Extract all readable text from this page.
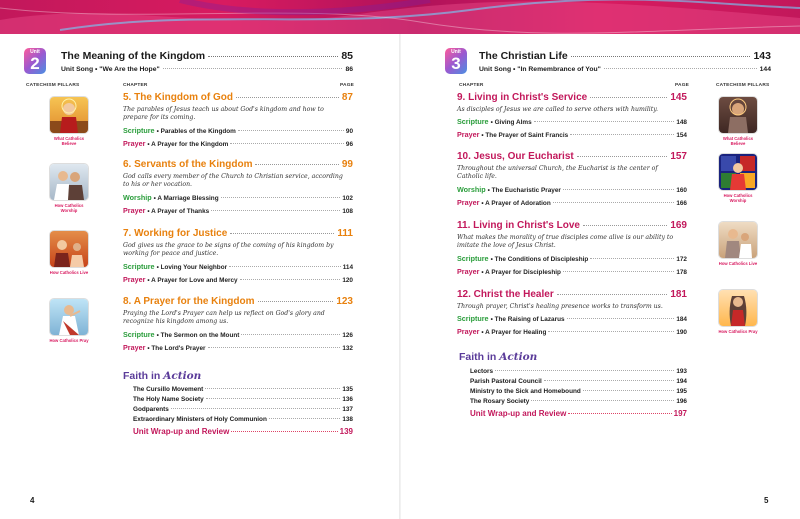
Unit
2	The Meaning of the Kingdom	85
Unit Song • "We Are the Hope"	86
CATECHISM PILLARS	CHAPTER	PAGE
What Catholics Believe
How Catholics Worship
How Catholics Live
How Catholics Pray
5. The Kingdom of God	87
The parables of Jesus teach us about God's kingdom and how to prepare for its coming.
Scripture • Parables of the Kingdom	90
Prayer • A Prayer for the Kingdom	96
6. Servants of the Kingdom	99
God calls every member of the Church to Christian service, according to his or her vocation.
Worship • A Marriage Blessing	102
Prayer • A Prayer of Thanks	108
7. Working for Justice	111
God gives us the grace to be signs of the coming of his kingdom by working for peace and justice.
Scripture • Loving Your Neighbor	114
Prayer • A Prayer for Love and Mercy	120
8. A Prayer for the Kingdom	123
Praying the Lord's Prayer can help us reflect on God's glory and recognize his kingdom among us.
Scripture • The Sermon on the Mount	126
Prayer • The Lord's Prayer	132
Faith in Action
The Cursillo Movement	135
The Holy Name Society	136
Godparents	137
Extraordinary Ministers of Holy Communion	138
Unit Wrap-up and Review	139
4
Unit
3	The Christian Life	143
Unit Song • "In Remembrance of You"	144
CHAPTER	PAGE	CATECHISM PILLARS
What Catholics Believe
How Catholics Worship
How Catholics Live
How Catholics Pray
9. Living in Christ's Service	145
As disciples of Jesus we are called to serve others with humility.
Scripture • Giving Alms	148
Prayer • The Prayer of Saint Francis	154
10. Jesus, Our Eucharist	157
Throughout the universal Church, the Eucharist is the center of Catholic life.
Worship • The Eucharistic Prayer	160
Prayer • A Prayer of Adoration	166
11. Living in Christ's Love	169
What makes the morality of true disciples come alive is our ability to imitate the love of Jesus Christ.
Scripture • The Conditions of Discipleship	172
Prayer • A Prayer for Discipleship	178
12. Christ the Healer	181
Through prayer, Christ's healing presence works to transform us.
Scripture • The Raising of Lazarus	184
Prayer • A Prayer for Healing	190
Faith in Action
Lectors	193
Parish Pastoral Council	194
Ministry to the Sick and Homebound	195
The Rosary Society	196
Unit Wrap-up and Review	197
5
